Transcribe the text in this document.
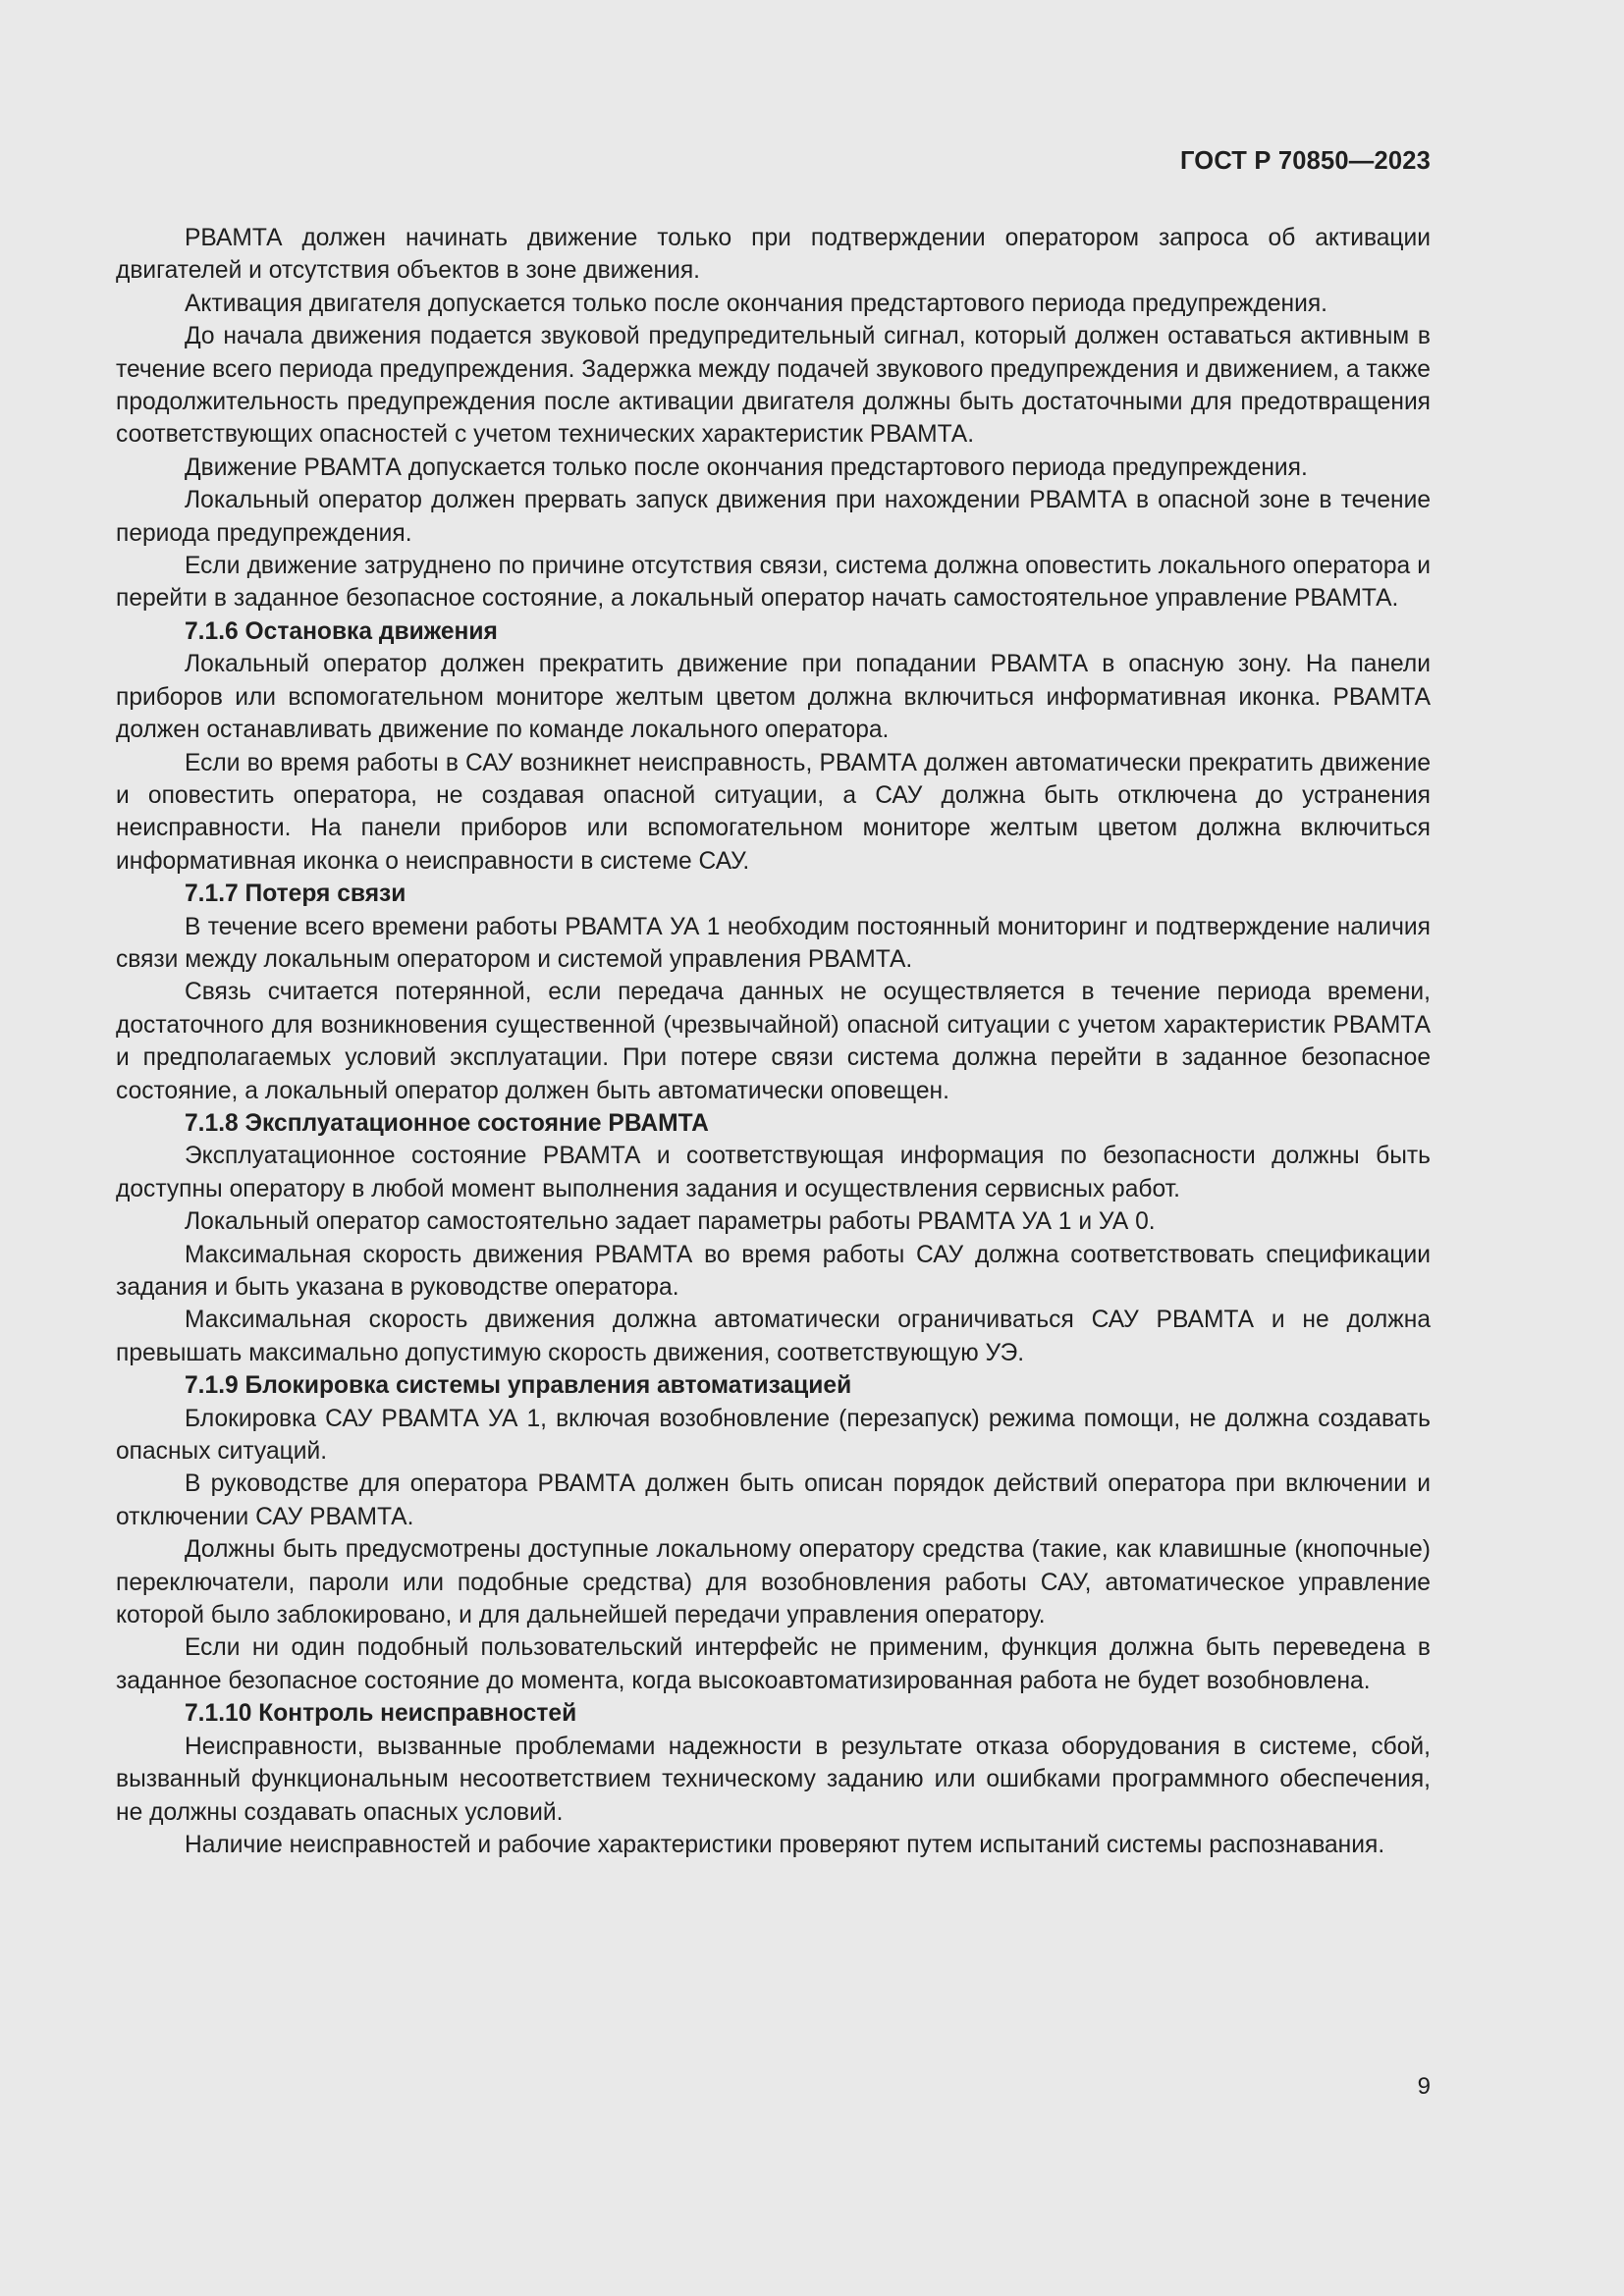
ГОСТ Р 70850—2023

РВАМТА должен начинать движение только при подтверждении оператором запроса об активации двигателей и отсутствия объектов в зоне движения.

Активация двигателя допускается только после окончания предстартового периода предупреждения.

До начала движения подается звуковой предупредительный сигнал, который должен оставаться активным в течение всего периода предупреждения. Задержка между подачей звукового предупреждения и движением, а также продолжительность предупреждения после активации двигателя должны быть достаточными для предотвращения соответствующих опасностей с учетом технических характеристик РВАМТА.

Движение РВАМТА допускается только после окончания предстартового периода предупреждения.

Локальный оператор должен прервать запуск движения при нахождении РВАМТА в опасной зоне в течение периода предупреждения.

Если движение затруднено по причине отсутствия связи, система должна оповестить локального оператора и перейти в заданное безопасное состояние, а локальный оператор начать самостоятельное управление РВАМТА.

7.1.6 Остановка движения

Локальный оператор должен прекратить движение при попадании РВАМТА в опасную зону. На панели приборов или вспомогательном мониторе желтым цветом должна включиться информативная иконка. РВАМТА должен останавливать движение по команде локального оператора.

Если во время работы в САУ возникнет неисправность, РВАМТА должен автоматически прекратить движение и оповестить оператора, не создавая опасной ситуации, а САУ должна быть отключена до устранения неисправности. На панели приборов или вспомогательном мониторе желтым цветом должна включиться информативная иконка о неисправности в системе САУ.

7.1.7 Потеря связи

В течение всего времени работы РВАМТА УА 1 необходим постоянный мониторинг и подтверждение наличия связи между локальным оператором и системой управления РВАМТА.

Связь считается потерянной, если передача данных не осуществляется в течение периода времени, достаточного для возникновения существенной (чрезвычайной) опасной ситуации с учетом характеристик РВАМТА и предполагаемых условий эксплуатации. При потере связи система должна перейти в заданное безопасное состояние, а локальный оператор должен быть автоматически оповещен.

7.1.8 Эксплуатационное состояние РВАМТА

Эксплуатационное состояние РВАМТА и соответствующая информация по безопасности должны быть доступны оператору в любой момент выполнения задания и осуществления сервисных работ.

Локальный оператор самостоятельно задает параметры работы РВАМТА УА 1 и УА 0.

Максимальная скорость движения РВАМТА во время работы САУ должна соответствовать спецификации задания и быть указана в руководстве оператора.

Максимальная скорость движения должна автоматически ограничиваться САУ РВАМТА и не должна превышать максимально допустимую скорость движения, соответствующую УЭ.

7.1.9 Блокировка системы управления автоматизацией

Блокировка САУ РВАМТА УА 1, включая возобновление (перезапуск) режима помощи, не должна создавать опасных ситуаций.

В руководстве для оператора РВАМТА должен быть описан порядок действий оператора при включении и отключении САУ РВАМТА.

Должны быть предусмотрены доступные локальному оператору средства (такие, как клавишные (кнопочные) переключатели, пароли или подобные средства) для возобновления работы САУ, автоматическое управление которой было заблокировано, и для дальнейшей передачи управления оператору.

Если ни один подобный пользовательский интерфейс не применим, функция должна быть переведена в заданное безопасное состояние до момента, когда высокоавтоматизированная работа не будет возобновлена.

7.1.10 Контроль неисправностей

Неисправности, вызванные проблемами надежности в результате отказа оборудования в системе, сбой, вызванный функциональным несоответствием техническому заданию или ошибками программного обеспечения, не должны создавать опасных условий.

Наличие неисправностей и рабочие характеристики проверяют путем испытаний системы распознавания.

9
